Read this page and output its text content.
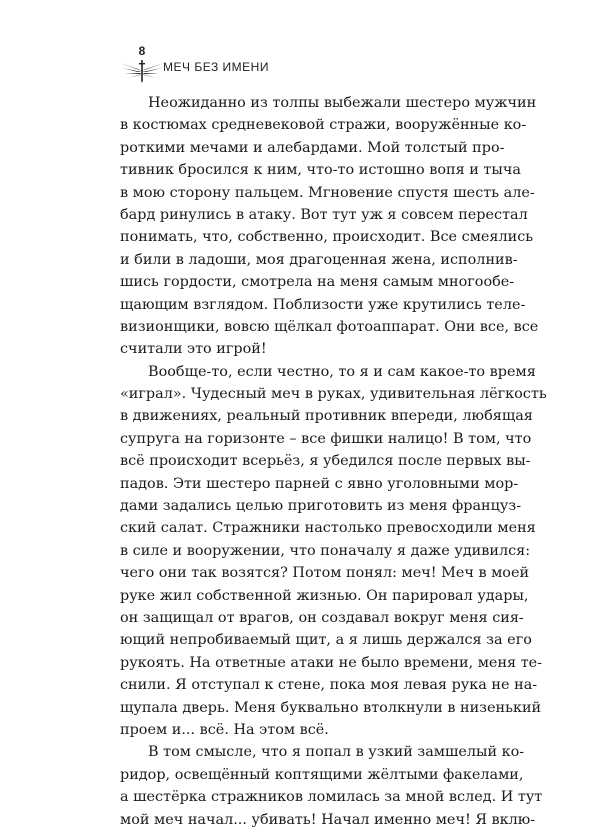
8
МЕЧ БЕЗ ИМЕНИ
Неожиданно из толпы выбежали шестеро мужчин
в костюмах средневековой стражи, вооружённые ко-
роткими мечами и алебардами. Мой толстый про-
тивник бросился к ним, что-то истошно вопя и тыча
в мою сторону пальцем. Мгновение спустя шесть але-
бард ринулись в атаку. Вот тут уж я совсем перестал
понимать, что, собственно, происходит. Все смеялись
и били в ладоши, моя драгоценная жена, исполнив-
шись гордости, смотрела на меня самым многообе-
щающим взглядом. Поблизости уже крутились теле-
визионщики, вовсю щёлкал фотоаппарат. Они все, все
считали это игрой!
Вообще-то, если честно, то я и сам какое-то время
«играл». Чудесный меч в руках, удивительная лёгкость
в движениях, реальный противник впереди, любящая
супруга на горизонте – все фишки налицо! В том, что
всё происходит всерьёз, я убедился после первых вы-
падов. Эти шестеро парней с явно уголовными мор-
дами задались целью приготовить из меня француз-
ский салат. Стражники настолько превосходили меня
в силе и вооружении, что поначалу я даже удивился:
чего они так возятся? Потом понял: меч! Меч в моей
руке жил собственной жизнью. Он парировал удары,
он защищал от врагов, он создавал вокруг меня сия-
ющий непробиваемый щит, а я лишь держался за его
рукоять. На ответные атаки не было времени, меня те-
снили. Я отступал к стене, пока моя левая рука не на-
щупала дверь. Меня буквально втолкнули в низенький
проем и... всё. На этом всё.
В том смысле, что я попал в узкий замшелый ко-
ридор, освещённый коптящими жёлтыми факелами,
а шестёрка стражников ломилась за мной вслед. И тут
мой меч начал... убивать! Начал именно меч! Я вклю-
